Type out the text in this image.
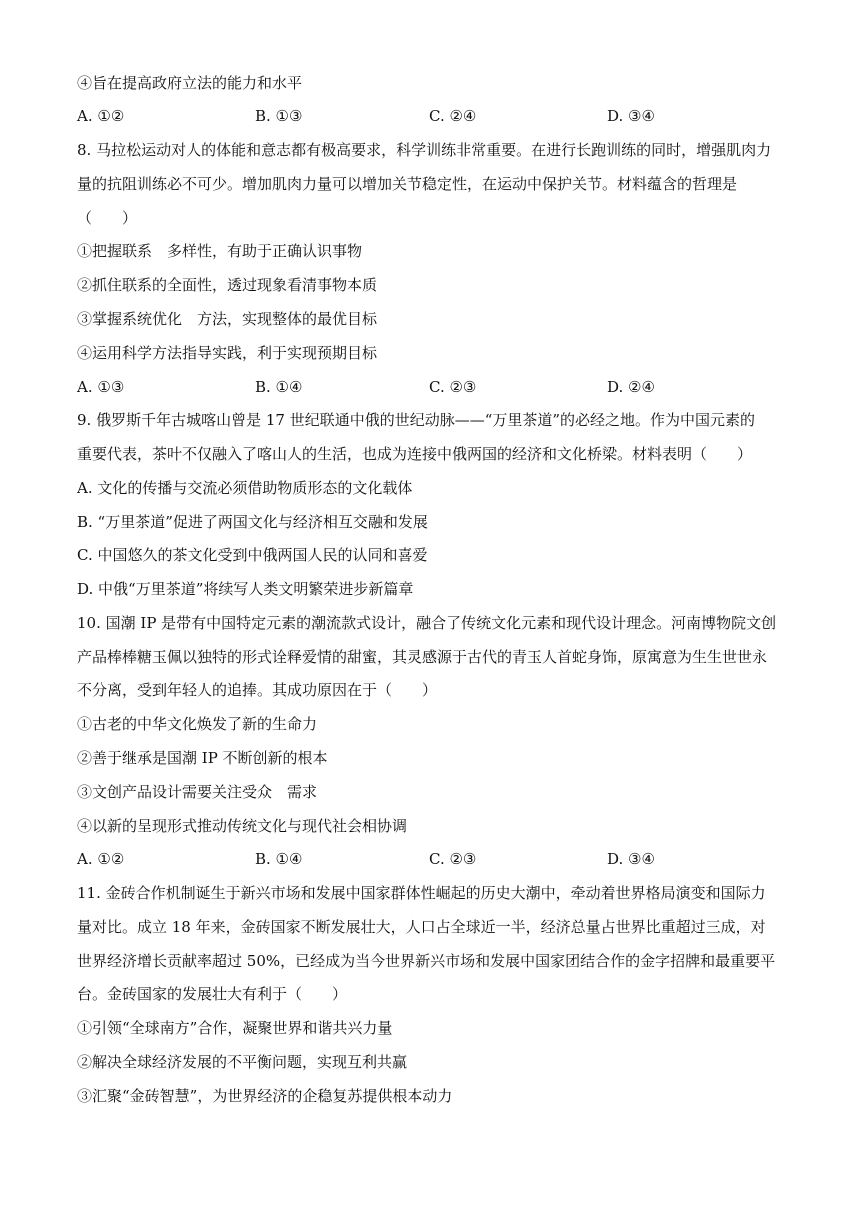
④旨在提高政府立法的能力和水平
A. ①②	B. ①③	C. ②④	D. ③④
8. 马拉松运动对人的体能和意志都有极高要求，科学训练非常重要。在进行长跑训练的同时，增强肌肉力
量的抗阻训练必不可少。增加肌肉力量可以增加关节稳定性，在运动中保护关节。材料蕴含的哲理是
（　　）
①把握联系　多样性，有助于正确认识事物
②抓住联系的全面性，透过现象看清事物本质
③掌握系统优化　方法，实现整体的最优目标
④运用科学方法指导实践，利于实现预期目标
A. ①③	B. ①④	C. ②③	D. ②④
9. 俄罗斯千年古城喀山曾是 17 世纪联通中俄的世纪动脉——“万里茶道”的必经之地。作为中国元素的
重要代表，茶叶不仅融入了喀山人的生活，也成为连接中俄两国的经济和文化桥梁。材料表明（　　）
A. 文化的传播与交流必须借助物质形态的文化载体
B. “万里茶道”促进了两国文化与经济相互交融和发展
C. 中国悠久的茶文化受到中俄两国人民的认同和喜爱
D. 中俄“万里茶道”将续写人类文明繁荣进步新篇章
10. 国潮 IP 是带有中国特定元素的潮流款式设计，融合了传统文化元素和现代设计理念。河南博物院文创
产品棒棒糖玉佩以独特的形式诠释爱情的甜蜜，其灵感源于古代的青玉人首蛇身饰，原寓意为生生世世永
不分离，受到年轻人的追捧。其成功原因在于（　　）
①古老的中华文化焕发了新的生命力
②善于继承是国潮 IP 不断创新的根本
③文创产品设计需要关注受众　需求
④以新的呈现形式推动传统文化与现代社会相协调
A. ①②	B. ①④	C. ②③	D. ③④
11. 金砖合作机制诞生于新兴市场和发展中国家群体性崛起的历史大潮中，牵动着世界格局演变和国际力
量对比。成立 18 年来，金砖国家不断发展壮大，人口占全球近一半，经济总量占世界比重超过三成，对
世界经济增长贡献率超过 50%，已经成为当今世界新兴市场和发展中国家团结合作的金字招牌和最重要平
台。金砖国家的发展壮大有利于（　　）
①引领“全球南方”合作，凝聚世界和谐共兴力量
②解决全球经济发展的不平衡问题，实现互利共赢
③汇聚“金砖智慧”，为世界经济的企稳复苏提供根本动力
